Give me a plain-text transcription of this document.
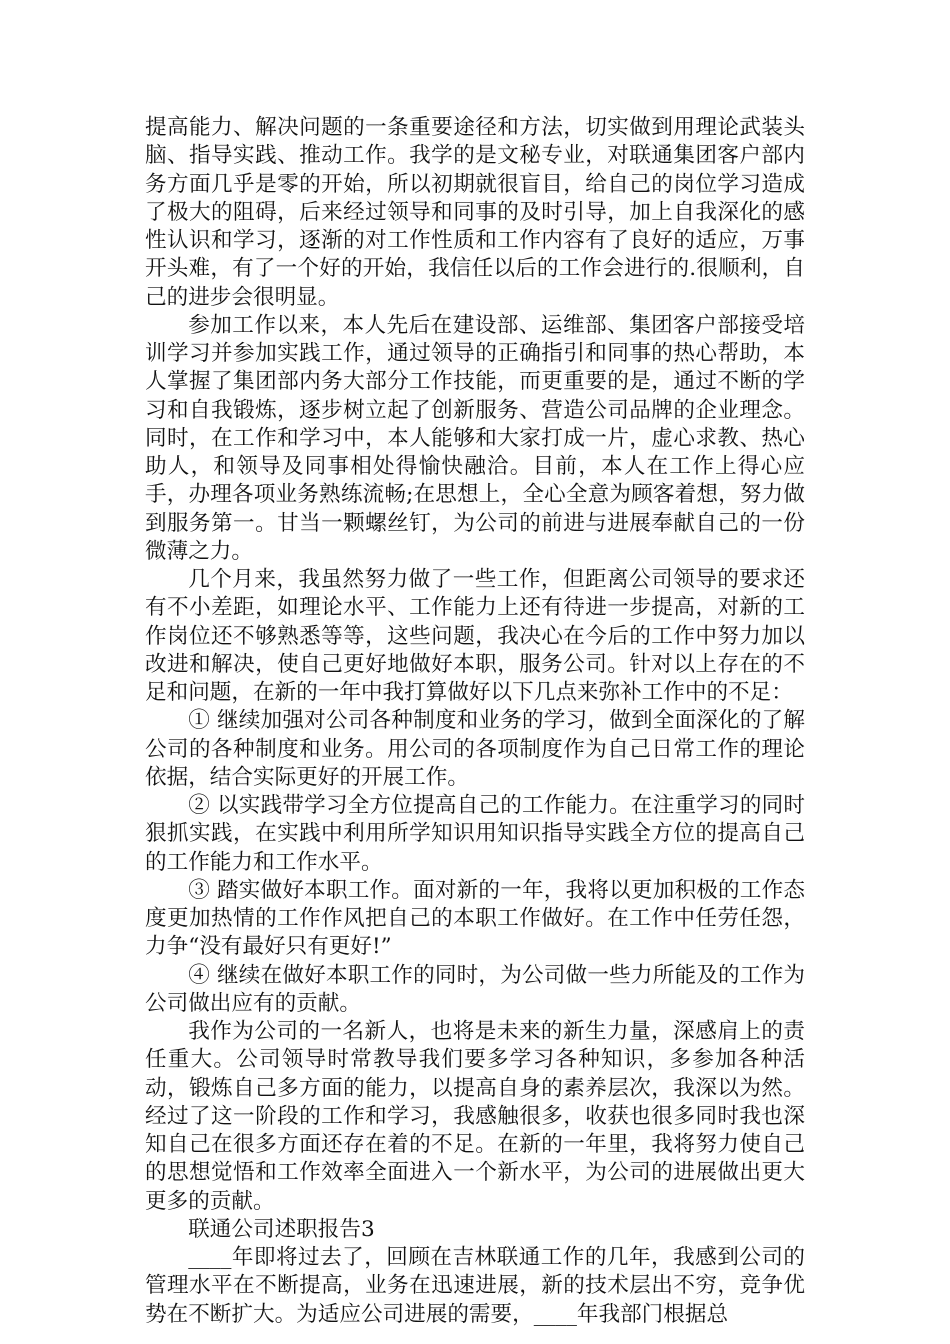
提高能力、解决问题的一条重要途径和方法，切实做到用理论武装头脑、指导实践、推动工作。我学的是文秘专业，对联通集团客户部内务方面几乎是零的开始，所以初期就很盲目，给自己的岗位学习造成了极大的阻碍，后来经过领导和同事的及时引导，加上自我深化的感性认识和学习，逐渐的对工作性质和工作内容有了良好的适应，万事开头难，有了一个好的开始，我信任以后的工作会进行的.很顺利，自己的进步会很明显。

参加工作以来，本人先后在建设部、运维部、集团客户部接受培训学习并参加实践工作，通过领导的正确指引和同事的热心帮助，本人掌握了集团部内务大部分工作技能，而更重要的是，通过不断的学习和自我锻炼，逐步树立起了创新服务、营造公司品牌的企业理念。同时，在工作和学习中，本人能够和大家打成一片，虚心求教、热心助人，和领导及同事相处得愉快融洽。目前，本人在工作上得心应手，办理各项业务熟练流畅;在思想上，全心全意为顾客着想，努力做到服务第一。甘当一颗螺丝钉，为公司的前进与进展奉献自己的一份微薄之力。

几个月来，我虽然努力做了一些工作，但距离公司领导的要求还有不小差距，如理论水平、工作能力上还有待进一步提高，对新的工作岗位还不够熟悉等等，这些问题，我决心在今后的工作中努力加以改进和解决，使自己更好地做好本职，服务公司。针对以上存在的不足和问题，在新的一年中我打算做好以下几点来弥补工作中的不足：

① 继续加强对公司各种制度和业务的学习，做到全面深化的了解公司的各种制度和业务。用公司的各项制度作为自己日常工作的理论依据，结合实际更好的开展工作。

② 以实践带学习全方位提高自己的工作能力。在注重学习的同时狠抓实践，在实践中利用所学知识用知识指导实践全方位的提高自己的工作能力和工作水平。

③ 踏实做好本职工作。面对新的一年，我将以更加积极的工作态度更加热情的工作作风把自己的本职工作做好。在工作中任劳任怨，力争“没有最好只有更好!”

④ 继续在做好本职工作的同时，为公司做一些力所能及的工作为公司做出应有的贡献。

我作为公司的一名新人，也将是未来的新生力量，深感肩上的责任重大。公司领导时常教导我们要多学习各种知识，多参加各种活动，锻炼自己多方面的能力，以提高自身的素养层次，我深以为然。经过了这一阶段的工作和学习，我感触很多，收获也很多同时我也深知自己在很多方面还存在着的不足。在新的一年里，我将努力使自己的思想觉悟和工作效率全面进入一个新水平，为公司的进展做出更大更多的贡献。

联通公司述职报告3

____年即将过去了，回顾在吉林联通工作的几年，我感到公司的管理水平在不断提高，业务在迅速进展，新的技术层出不穷，竞争优势在不断扩大。为适应公司进展的需要，____年我部门根据总
